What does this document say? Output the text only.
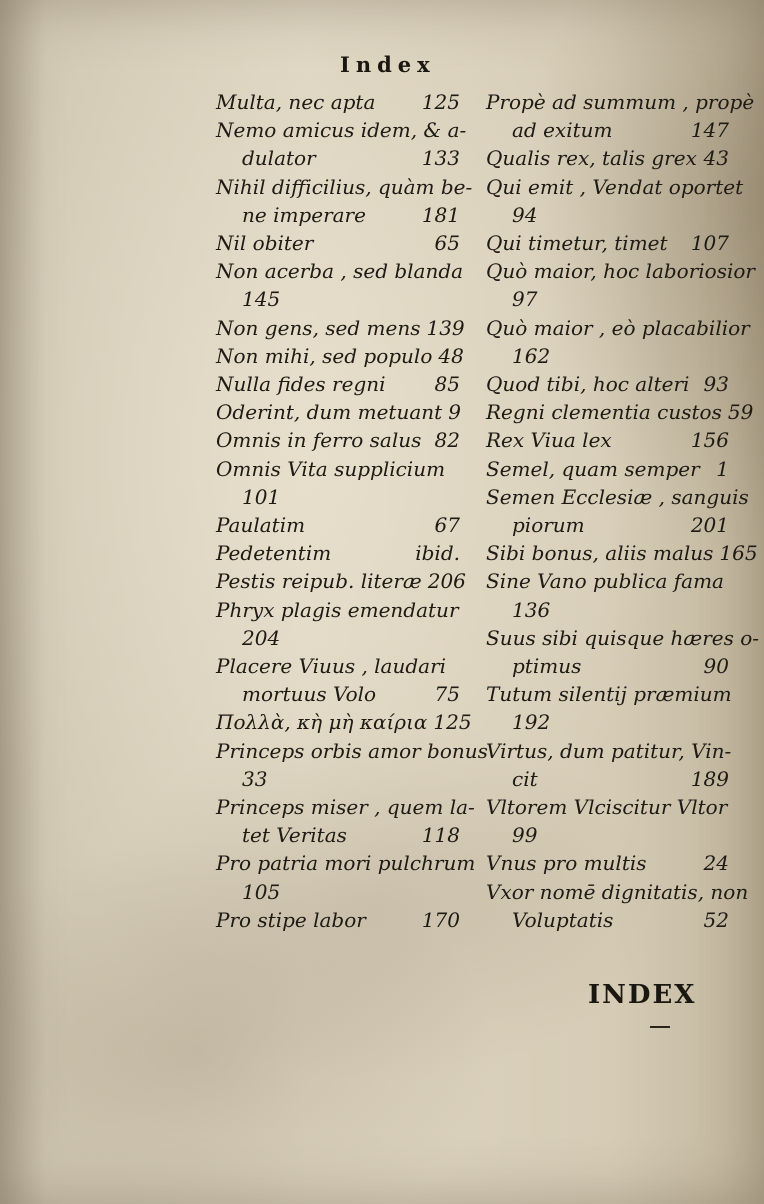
Index
Multa, nec apta	125
Nemo amicus idem, & a-
dulator	133
Nihil difficilius, quàm be-
ne imperare	181
Nil obiter	65
Non acerba , sed blanda
145
Non gens, sed mens 139
Non mihi, sed populo 48
Nulla fides regni	85
Oderint, dum metuant 9
Omnis in ferro salus 82
Omnis Vita supplicium
101
Paulatim	67
Pedetentim	ibid.
Pestis reipub. literæ 206
Phryx plagis emendatur
204
Placere Viuus , laudari
mortuus Volo	75
Πολλὰ, κὴ μὴ καίρια 125
Princeps orbis amor bonus
33
Princeps miser , quem la-
tet Veritas	118
Pro patria mori pulchrum
105
Pro stipe labor	170
Propè ad summum , propè
ad exitum	147
Qualis rex, talis grex 43
Qui emit , Vendat oportet
94
Qui timetur, timet	107
Quò maior, hoc laboriosior
97
Quò maior , eò placabilior
162
Quod tibi, hoc alteri 93
Regni clementia custos 59
Rex Viua lex	156
Semel, quam semper 1
Semen Ecclesiæ , sanguis
piorum	201
Sibi bonus, aliis malus 165
Sine Vano publica fama
136
Suus sibi quisque hæres o-
ptimus	90
Tutum silentij præmium
192
Virtus, dum patitur, Vin-
cit	189
Vltorem Vlciscitur Vltor
99
Vnus pro multis	24
Vxor nomē dignitatis, non
Voluptatis	52
INDEX
